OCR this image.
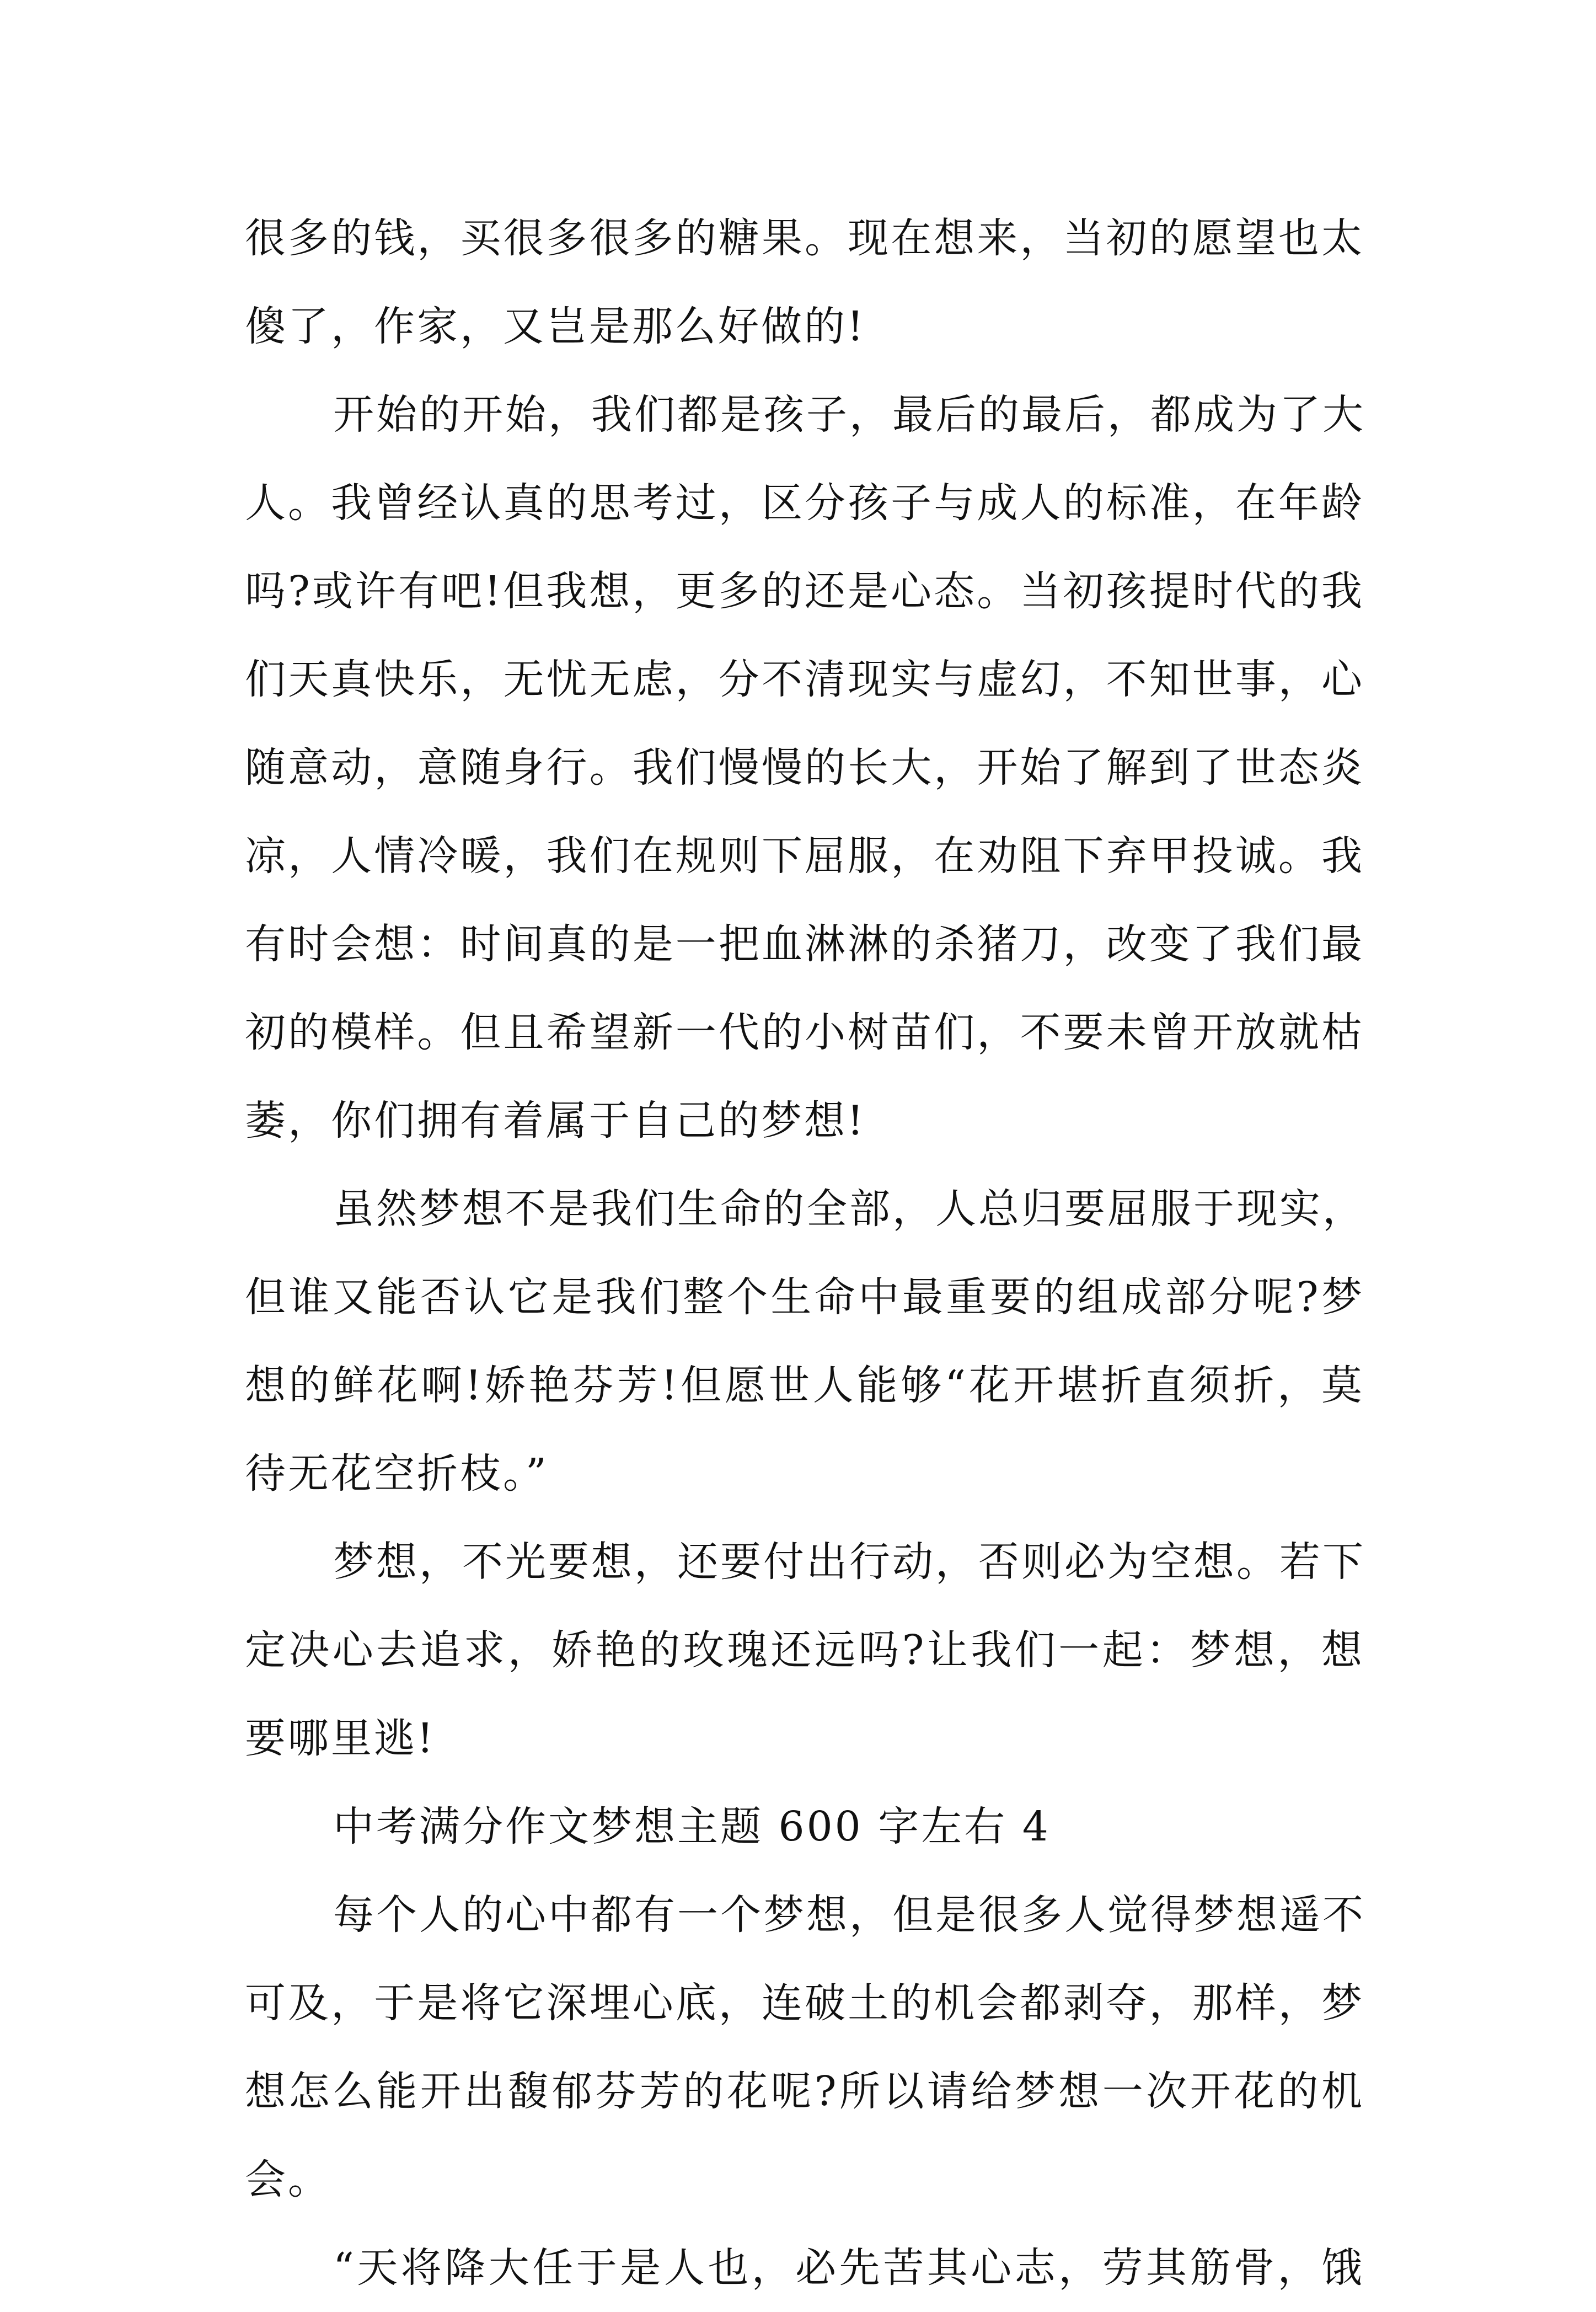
很多的钱，买很多很多的糖果。现在想来，当初的愿望也太
傻了，作家，又岂是那么好做的!
开始的开始，我们都是孩子，最后的最后，都成为了大
人。我曾经认真的思考过，区分孩子与成人的标准，在年龄
吗?或许有吧!但我想，更多的还是心态。当初孩提时代的我
们天真快乐，无忧无虑，分不清现实与虚幻，不知世事，心
随意动，意随身行。我们慢慢的长大，开始了解到了世态炎
凉，人情冷暖，我们在规则下屈服，在劝阻下弃甲投诚。我
有时会想：时间真的是一把血淋淋的杀猪刀，改变了我们最
初的模样。但且希望新一代的小树苗们，不要未曾开放就枯
萎，你们拥有着属于自己的梦想!
虽然梦想不是我们生命的全部，人总归要屈服于现实，
但谁又能否认它是我们整个生命中最重要的组成部分呢?梦
想的鲜花啊!娇艳芬芳!但愿世人能够“花开堪折直须折，莫
待无花空折枝。”
梦想，不光要想，还要付出行动，否则必为空想。若下
定决心去追求，娇艳的玫瑰还远吗?让我们一起：梦想，想
要哪里逃!
中考满分作文梦想主题 600 字左右 4
每个人的心中都有一个梦想，但是很多人觉得梦想遥不
可及，于是将它深埋心底，连破土的机会都剥夺，那样，梦
想怎么能开出馥郁芬芳的花呢?所以请给梦想一次开花的机
会。
“天将降大任于是人也，必先苦其心志，劳其筋骨，饿
